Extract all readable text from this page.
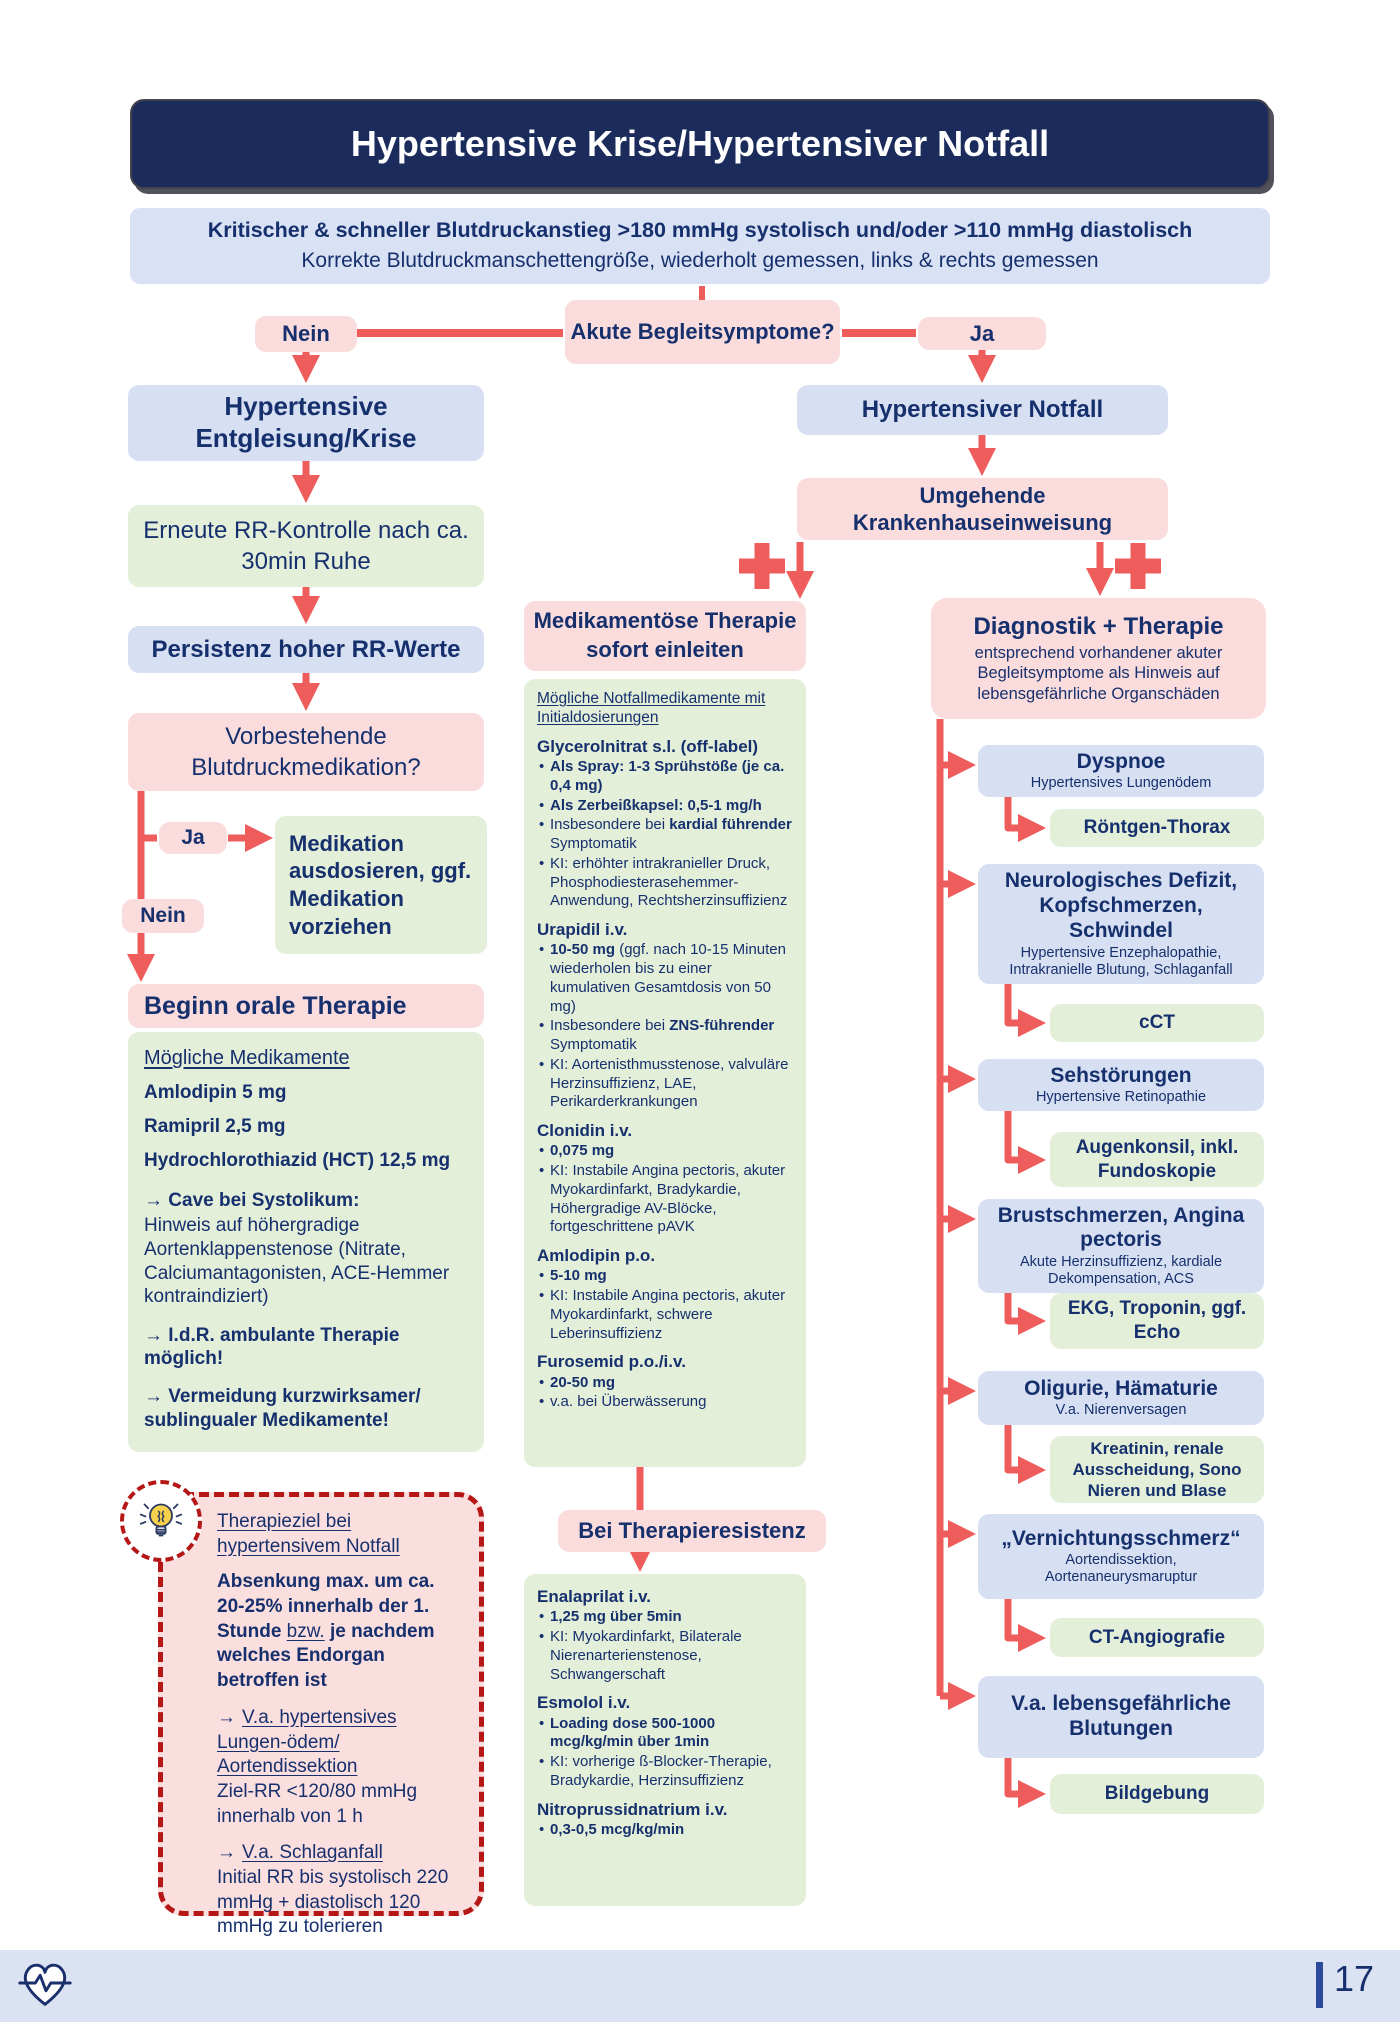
Hypertensive Krise/Hypertensiver Notfall
Kritischer & schneller Blutdruckanstieg >180 mmHg systolisch und/oder >110 mmHg diastolisch
Korrekte Blutdruckmanschettengröße, wiederholt gemessen, links & rechts gemessen
Akute Begleitsymptome?
Nein	Ja
Hypertensive Entgleisung/Krise
Erneute RR-Kontrolle nach ca. 30min Ruhe
Persistenz hoher RR-Werte
Vorbestehende Blutdruckmedikation?
Ja	Medikation ausdosieren, ggf. Medikation vorziehen
Nein
Beginn orale Therapie
Mögliche Medikamente
Amlodipin 5 mg
Ramipril 2,5 mg
Hydrochlorothiazid (HCT) 12,5 mg
→ Cave bei Systolikum:
Hinweis auf höhergradige Aortenklappenstenose (Nitrate, Calciumantagonisten, ACE-Hemmer kontraindiziert)
→ I.d.R. ambulante Therapie möglich!
→ Vermeidung kurzwirksamer/ sublingualer Medikamente!
Therapieziel bei hypertensivem Notfall
Absenkung max. um ca. 20-25% innerhalb der 1. Stunde bzw. je nachdem welches Endorgan betroffen ist
→ V.a. hypertensives Lungen-ödem/ Aortendissektion
Ziel-RR <120/80 mmHg innerhalb von 1 h
→ V.a. Schlaganfall
Initial RR bis systolisch 220 mmHg + diastolisch 120 mmHg zu tolerieren
Medikamentöse Therapie sofort einleiten
Mögliche Notfallmedikamente mit Initialdosierungen
Glycerolnitrat s.l. (off-label)
• Als Spray: 1-3 Sprühstöße (je ca. 0,4 mg)
• Als Zerbeißkapsel: 0,5-1 mg/h
• Insbesondere bei kardial führender Symptomatik
• KI: erhöhter intrakranieller Druck, Phosphodiesterasehemmer-Anwendung, Rechtsherzinsuffizienz
Urapidil i.v.
• 10-50 mg (ggf. nach 10-15 Minuten wiederholen bis zu einer kumulativen Gesamtdosis von 50 mg)
• Insbesondere bei ZNS-führender Symptomatik
• KI: Aortenisthmusstenose, valvuläre Herzinsuffizienz, LAE, Perikarderkrankungen
Clonidin i.v.
• 0,075 mg
• KI: Instabile Angina pectoris, akuter Myokardinfarkt, Bradykardie, Höhergradige AV-Blöcke, fortgeschrittene pAVK
Amlodipin p.o.
• 5-10 mg
• KI: Instabile Angina pectoris, akuter Myokardinfarkt, schwere Leberinsuffizienz
Furosemid p.o./i.v.
• 20-50 mg
• v.a. bei Überwässerung
Bei Therapieresistenz
Enalaprilat i.v.
• 1,25 mg über 5min
• KI: Myokardinfarkt, Bilaterale Nierenarterienstenose, Schwangerschaft
Esmolol i.v.
• Loading dose 500-1000 mcg/kg/min über 1min
• KI: vorherige ß-Blocker-Therapie, Bradykardie, Herzinsuffizienz
Nitroprussidnatrium i.v.
• 0,3-0,5 mcg/kg/min
Hypertensiver Notfall
Umgehende Krankenhauseinweisung
Diagnostik + Therapie
entsprechend vorhandener akuter Begleitsymptome als Hinweis auf lebensgefährliche Organschäden
Dyspnoe
Hypertensives Lungenödem
Röntgen-Thorax
Neurologisches Defizit, Kopfschmerzen, Schwindel
Hypertensive Enzephalopathie, Intrakranielle Blutung, Schlaganfall
cCT
Sehstörungen
Hypertensive Retinopathie
Augenkonsil, inkl. Fundoskopie
Brustschmerzen, Angina pectoris
Akute Herzinsuffizienz, kardiale Dekompensation, ACS
EKG, Troponin, ggf. Echo
Oligurie, Hämaturie
V.a. Nierenversagen
Kreatinin, renale Ausscheidung, Sono Nieren und Blase
„Vernichtungsschmerz“
Aortendissektion, Aortenaneurysmaruptur
CT-Angiografie
V.a. lebensgefährliche Blutungen
Bildgebung
17
